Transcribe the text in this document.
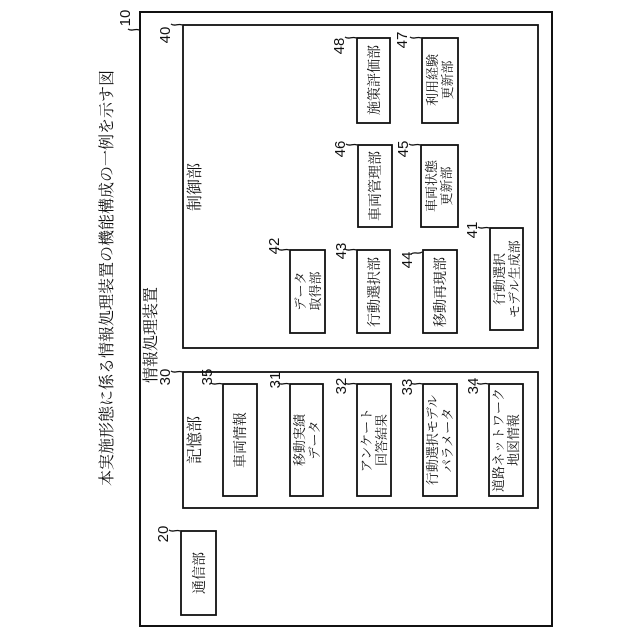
本実施形態に係る情報処理装置の機能構成の一例を示す図 情報処理装置
10
通信部
20
記憶部
30
車両情報
35
移動実績 データ
31
アンケート 回答結果
32
行動選択モデル パラメータ
33
道路ネットワーク 地図情報
34
制御部
40
データ 取得部
42
行動選択部
43
移動再現部
44	行動選択 モデル生成部
41
車両管理部
46
車両状態 更新部
45
施策評価部
48
利用経験 更新部
47
